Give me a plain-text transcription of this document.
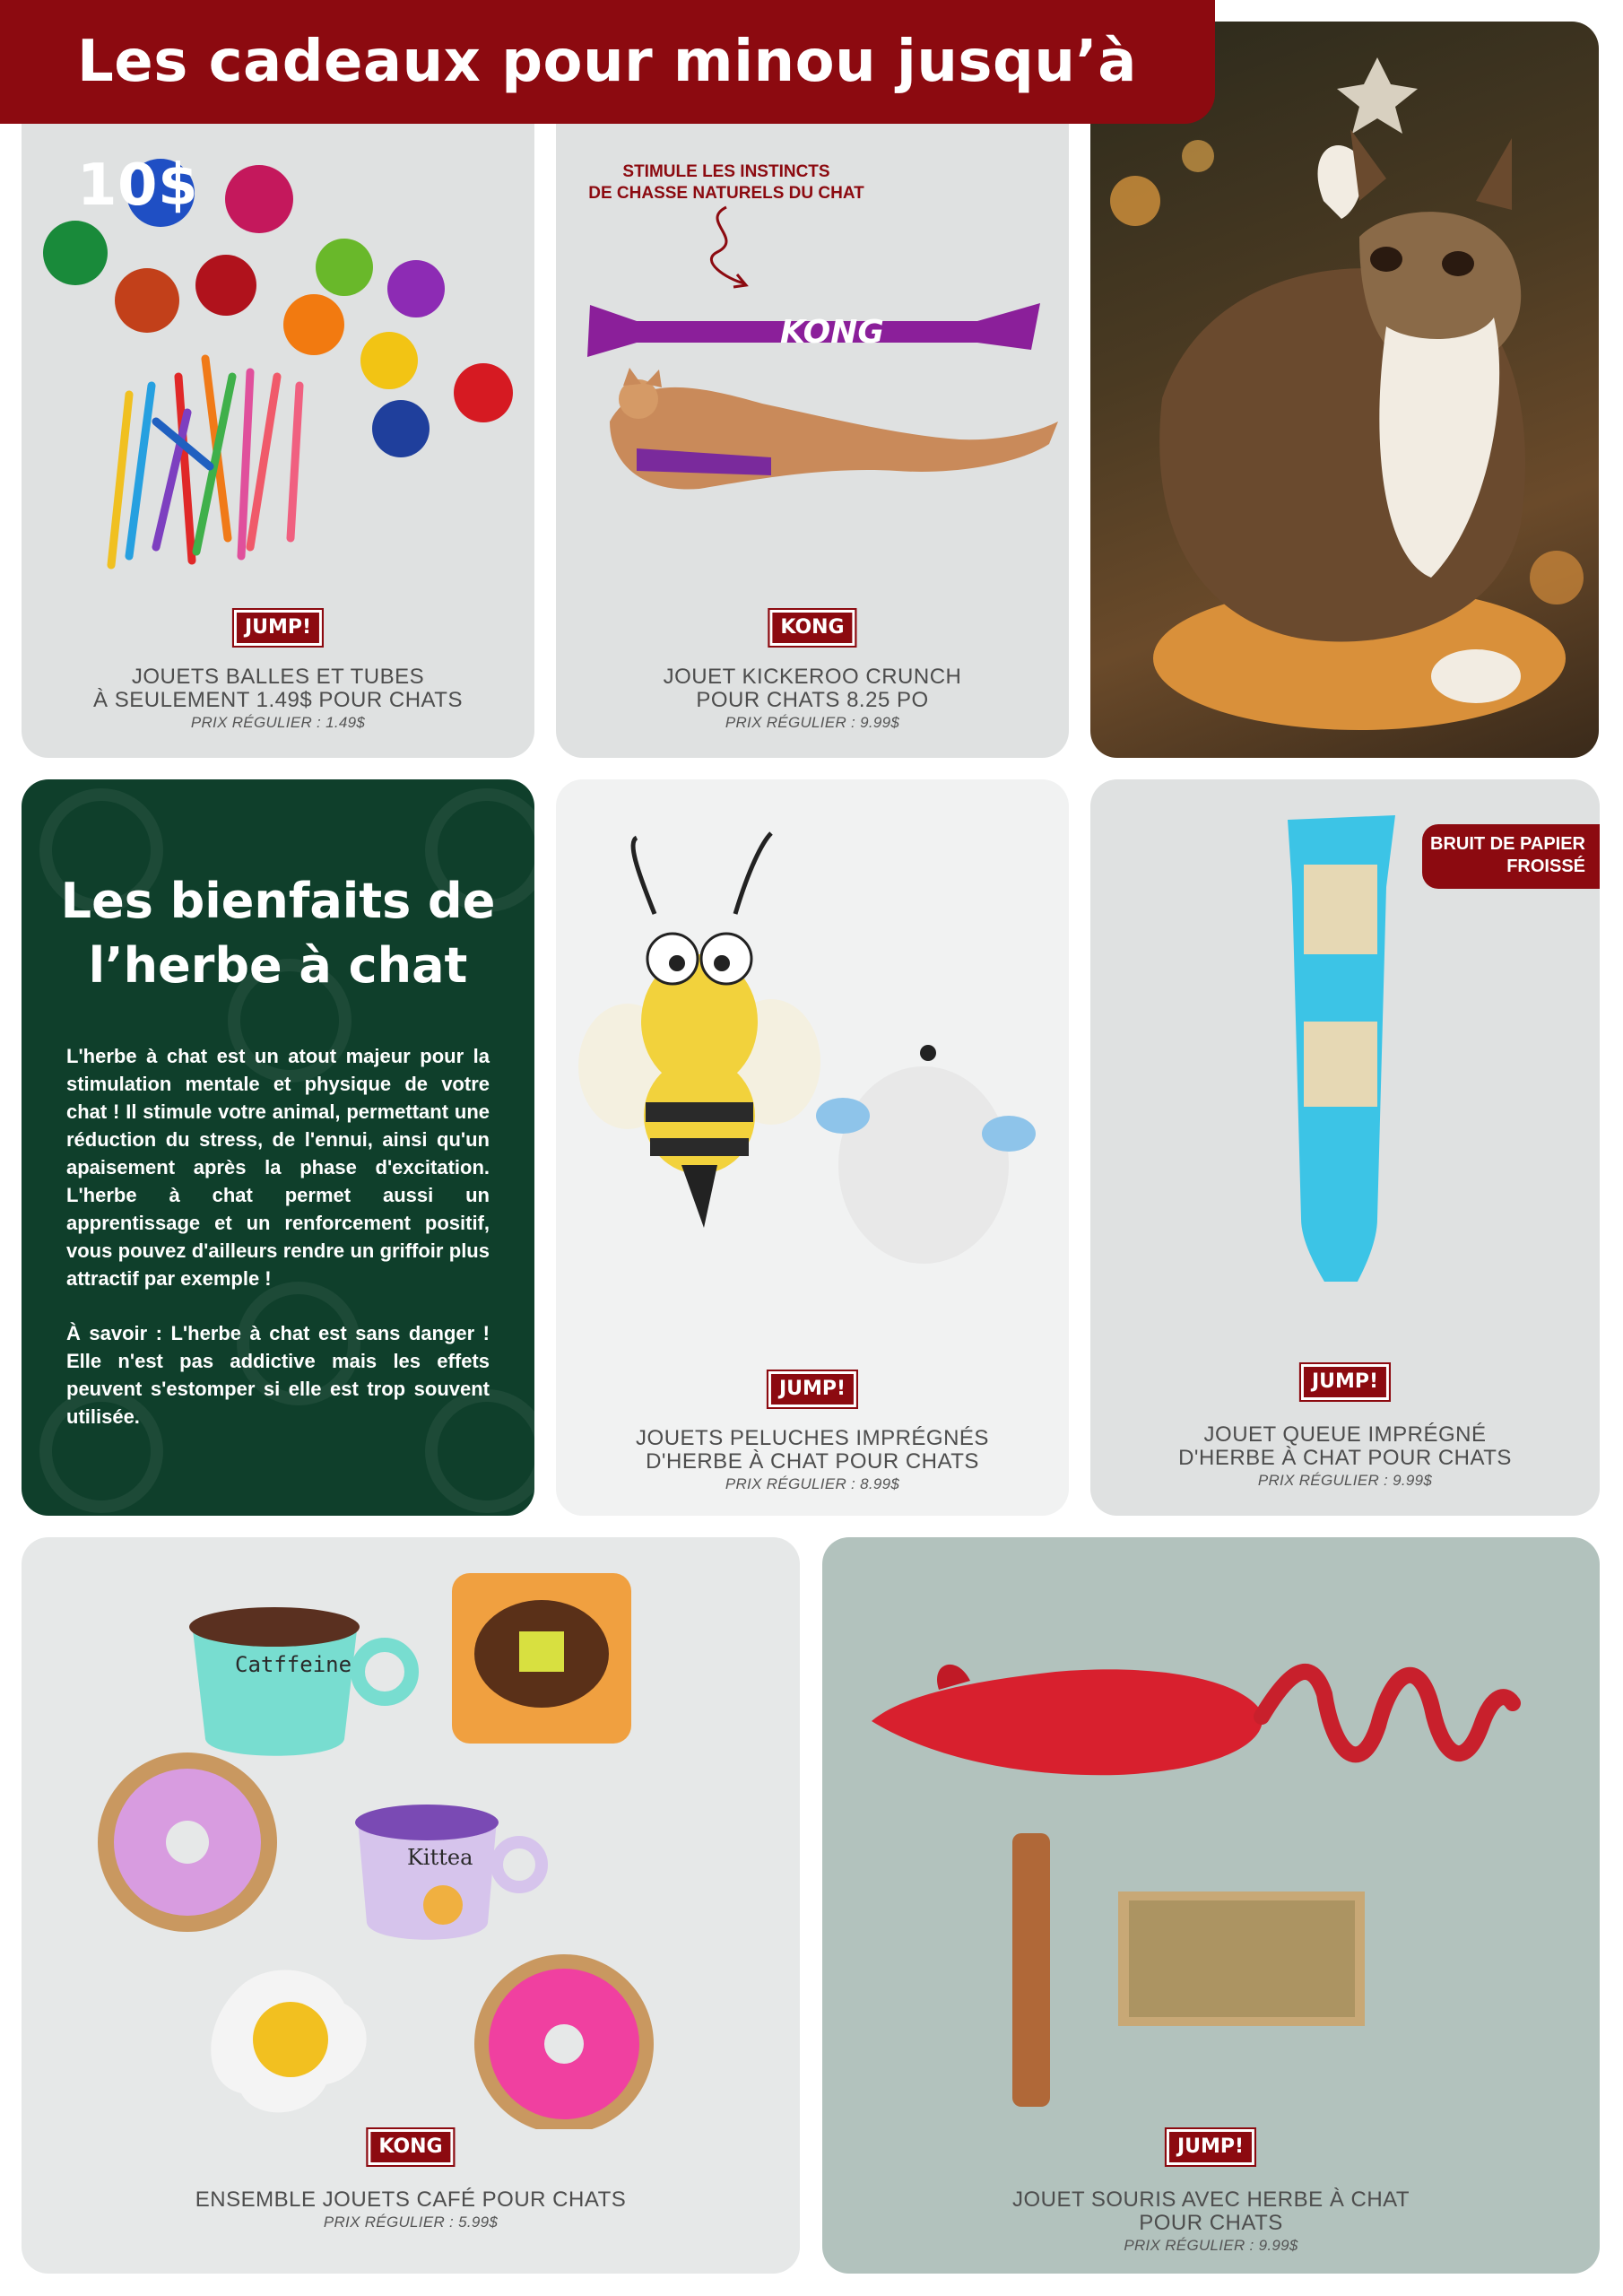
Les cadeaux pour minou jusqu’à 10$
JUMP!
JOUETS BALLES ET TUBES
À SEULEMENT 1.49$ POUR CHATS
PRIX RÉGULIER : 1.49$
STIMULE LES INSTINCTS
DE CHASSE NATURELS DU CHAT
KONG
KONG
JOUET KICKEROO CRUNCH
POUR CHATS 8.25 PO
PRIX RÉGULIER : 9.99$
Les bienfaits de
l’herbe à chat
L'herbe à chat est un atout majeur pour la stimulation mentale et physique de votre chat ! Il stimule votre animal, permettant une réduction du stress, de l'ennui, ainsi qu'un apaisement après la phase d'excitation. L'herbe à chat permet aussi un apprentissage et un renforcement positif, vous pouvez d'ailleurs rendre un griffoir plus attractif par exemple !
À savoir : L'herbe à chat est sans danger ! Elle n'est pas addictive mais les effets peuvent s'estomper si elle est trop souvent utilisée.
JUMP!
JOUETS PELUCHES IMPRÉGNÉS
D'HERBE À CHAT POUR CHATS
PRIX RÉGULIER : 8.99$
BRUIT DE PAPIER
FROISSÉ
JUMP!
JOUET QUEUE IMPRÉGNÉ
D'HERBE À CHAT POUR CHATS
PRIX RÉGULIER : 9.99$
Catffeine
Kittea
KONG
ENSEMBLE JOUETS CAFÉ POUR CHATS
PRIX RÉGULIER : 5.99$
JUMP!
JOUET SOURIS AVEC HERBE À CHAT
POUR CHATS
PRIX RÉGULIER : 9.99$
